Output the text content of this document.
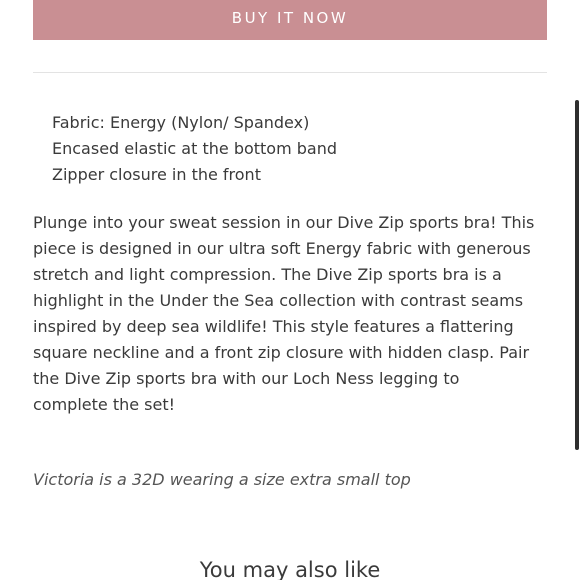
BUY IT NOW
Fabric: Energy (Nylon/ Spandex)
Encased elastic at the bottom band
Zipper closure in the front

Plunge into your sweat session in our Dive Zip sports bra! This
piece is designed in our ultra soft Energy fabric with generous
stretch and light compression. The Dive Zip sports bra is a
highlight in the Under the Sea collection with contrast seams
inspired by deep sea wildlife! This style features a flattering
square neckline and a front zip closure with hidden clasp. Pair
the Dive Zip sports bra with our Loch Ness legging to
complete the set!

Victoria is a 32D wearing a size extra small top

You may also like
